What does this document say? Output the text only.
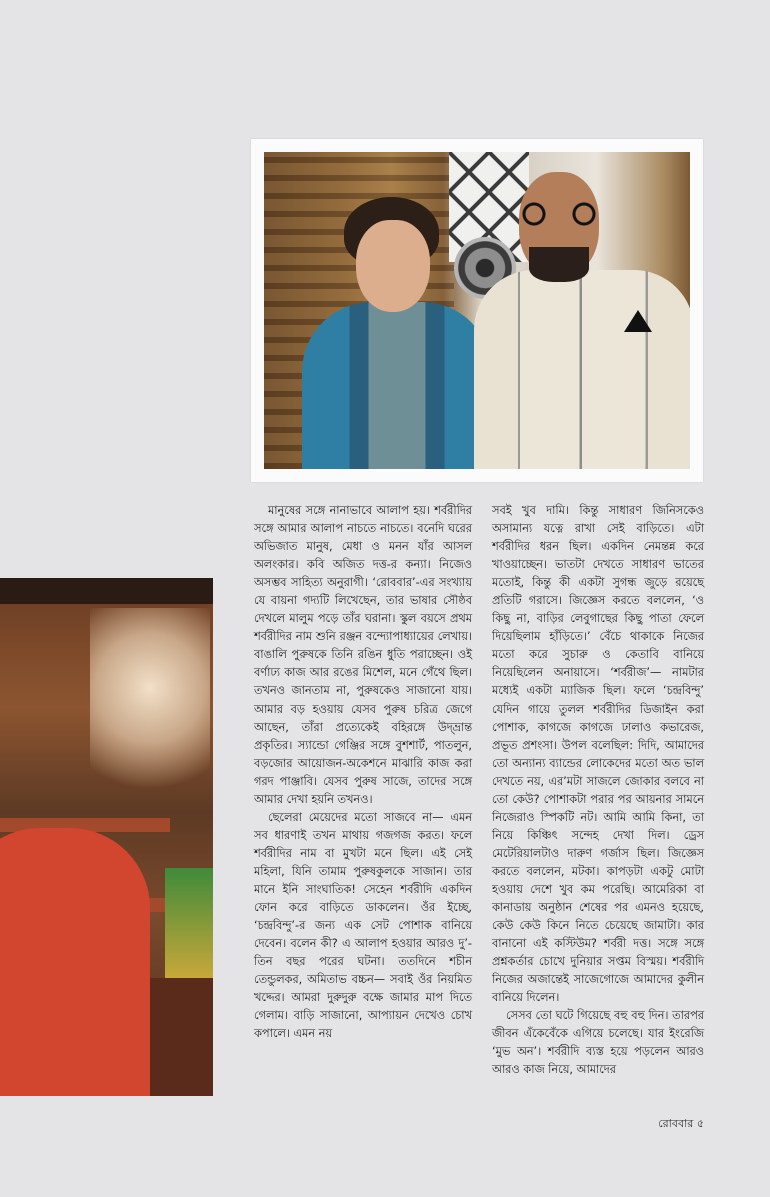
মানুষের সঙ্গে নানাভাবে আলাপ হয়। শর্বরীদির সঙ্গে আমার আলাপ নাচতে নাচতে। বনেদি ঘরের অভিজাত মানুষ, মেধা ও মনন যাঁর আসল অলংকার। কবি অজিত দত্ত-র কন্যা। নিজেও অসম্ভব সাহিত্য অনুরাগী। ‘রোববার’-এর সংখ্যায় যে বায়না গদ্যটি লিখেছেন, তার ভাষার সৌষ্ঠব দেখলে মালুম পড়ে তাঁর ঘরানা। স্কুল বয়সে প্রথম শর্বরীদির নাম শুনি রঞ্জন বন্দ্যোপাধ্যায়ের লেখায়। বাঙালি পুরুষকে তিনি রঙিন ধুতি পরাচ্ছেন। ওই বর্ণাঢ্য কাজ আর রঙের মিশেল, মনে গেঁথে ছিল। তখনও জানতাম না, পুরুষকেও সাজানো যায়। আমার বড় হওয়ায় যেসব পুরুষ চরিত্র জেগে আছেন, তাঁরা প্রত্যেকেই বহিরঙ্গে উদ্‌ভ্রান্ত প্রকৃতির। স্যান্ডো গেঞ্জির সঙ্গে বুশশার্ট, পাতলুন, বড়জোর আয়োজন-অকেশনে মাঝারি কাজ করা গরদ পাঞ্জাবি। যেসব পুরুষ সাজে, তাদের সঙ্গে আমার দেখা হয়নি তখনও।

ছেলেরা মেয়েদের মতো সাজবে না— এমন সব ধারণাই তখন মাথায় গজগজ করত। ফলে শর্বরীদির নাম বা মুখটা মনে ছিল। এই সেই মহিলা, যিনি তামাম পুরুষকুলকে সাজান। তার মানে ইনি সাংঘাতিক! সেহেন শর্বরীদি একদিন ফোন করে বাড়িতে ডাকলেন। ওঁর ইচ্ছে, ‘চন্দ্রবিন্দু’-র জন্য এক সেট পোশাক বানিয়ে দেবেন। বলেন কী? এ আলাপ হওয়ার আরও দু’-তিন বছর পরের ঘটনা। ততদিনে শচীন তেন্ডুলকর, অমিতাভ বচ্চন— সবাই ওঁর নিয়মিত খদ্দের। আমরা দুরুদুরু বক্ষে জামার মাপ দিতে গেলাম। বাড়ি সাজানো, আপ্যায়ন দেখেও চোখ কপালে। এমন নয়

সবই খুব দামি। কিন্তু সাধারণ জিনিসকেও অসামান্য যত্নে রাখা সেই বাড়িতে। এটা শর্বরীদির ধরন ছিল। একদিন নেমন্তন্ন করে খাওয়াচ্ছেন। ভাতটা দেখতে সাধারণ ভাতের মতোই, কিন্তু কী একটা সুগন্ধ জুড়ে রয়েছে প্রতিটি গরাসে। জিজ্ঞেস করতে বললেন, ‘ও কিছু না, বাড়ির লেবুগাছের কিছু পাতা ফেলে দিয়েছিলাম হাঁড়িতে।’ বেঁচে থাকাকে নিজের মতো করে সুচারু ও কেতাবি বানিয়ে নিয়েছিলেন অনায়াসে। ‘শর্বরীজ’— নামটার মধ্যেই একটা ম্যাজিক ছিল। ফলে ‘চন্দ্রবিন্দু’ যেদিন গায়ে তুলল শর্বরীদির ডিজাইন করা পোশাক, কাগজে কাগজে ঢালাও কভারেজ, প্রভূত প্রশংসা। উপল বলেছিল: দিদি, আমাদের তো অন্যান্য ব্যান্ডের লোকেদের মতো অত ভাল দেখতে নয়, এর’মটা সাজলে জোকার বলবে না তো কেউ? পোশাকটা পরার পর আয়নার সামনে নিজেরাও স্পিকটি নট। আমি আমি কিনা, তা নিয়ে কিঞ্চিৎ সন্দেহ দেখা দিল। ড্রেস মেটেরিয়ালটাও দারুণ গর্জাস ছিল। জিজ্ঞেস করতে বললেন, মটকা। কাপড়টা একটু মোটা হওয়ায় দেশে খুব কম পরেছি। আমেরিকা বা কানাডায় অনুষ্ঠান শেষের পর এমনও হয়েছে, কেউ কেউ কিনে নিতে চেয়েছে জামাটা। কার বানানো এই কস্টিউম? শর্বরী দত্ত। সঙ্গে সঙ্গে প্রশ্নকর্তার চোখে দুনিয়ার সপ্তম বিস্ময়। শর্বরীদি নিজের অজান্তেই সাজেগোজে আমাদের কুলীন বানিয়ে দিলেন।

সেসব তো ঘটে গিয়েছে বহু বহু দিন। তারপর জীবন এঁকেবেঁকে এগিয়ে চলেছে। যার ইংরেজি ‘মুভ অন’। শর্বরীদি ব্যস্ত হয়ে পড়লেন আরও আরও কাজ নিয়ে, আমাদের

রোববার ৫
